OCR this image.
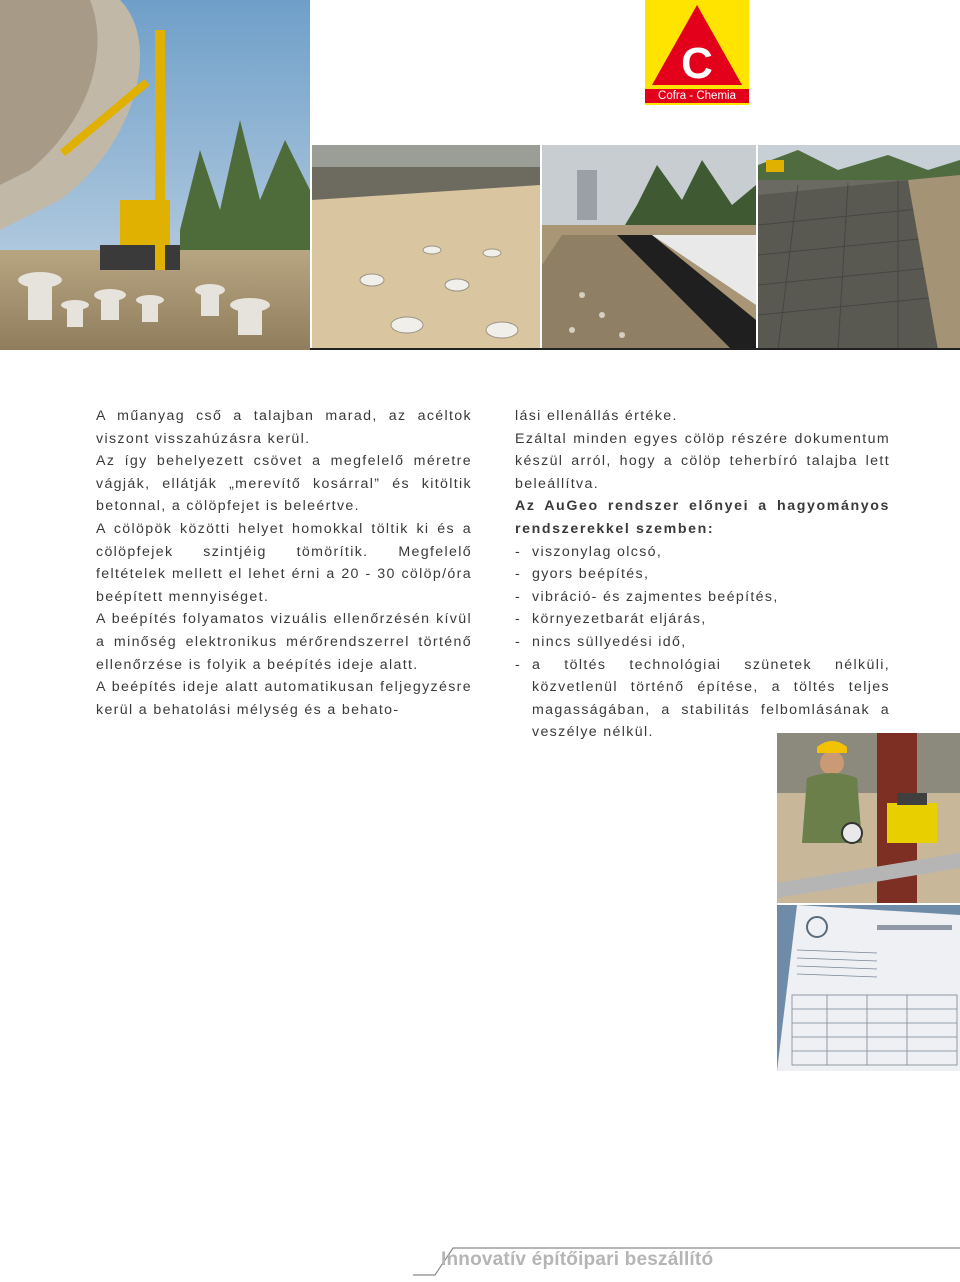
C
Cofra - Chemia

A műanyag cső a talajban marad, az acéltok viszont visszahúzásra kerül.

Az így behelyezett csövet a megfelelő méretre vágják, ellátják „merevítő kosárral” és kitöltik betonnal, a cölöpfejet is beleértve.

A cölöpök közötti helyet homokkal töltik ki és a cölöpfejek szintjéig tömörítik. Megfelelő feltételek mellett el lehet érni a 20 - 30 cölöp/óra beépített mennyiséget.

A beépítés folyamatos vizuális ellenőrzésén kívül a minőség elektronikus mérőrendszerrel történő ellenőrzése is folyik a beépítés ideje alatt.

A beépítés ideje alatt automatikusan feljegyzésre kerül a behatolási mélység és a behato-

lási ellenállás értéke.

Ezáltal minden egyes cölöp részére dokumentum készül arról, hogy a cölöp teherbíró talajba lett beleállítva.

Az AuGeo rendszer előnyei a hagyományos rendszerekkel szemben:

- viszonylag olcsó,
- gyors beépítés,
- vibráció- és zajmentes beépítés,
- környezetbarát eljárás,
- nincs süllyedési idő,
- a töltés technológiai szünetek nélküli, közvetlenül történő építése, a töltés teljes magasságában, a stabilitás felbomlásának a veszélye nélkül.
Innovatív építőipari beszállító
